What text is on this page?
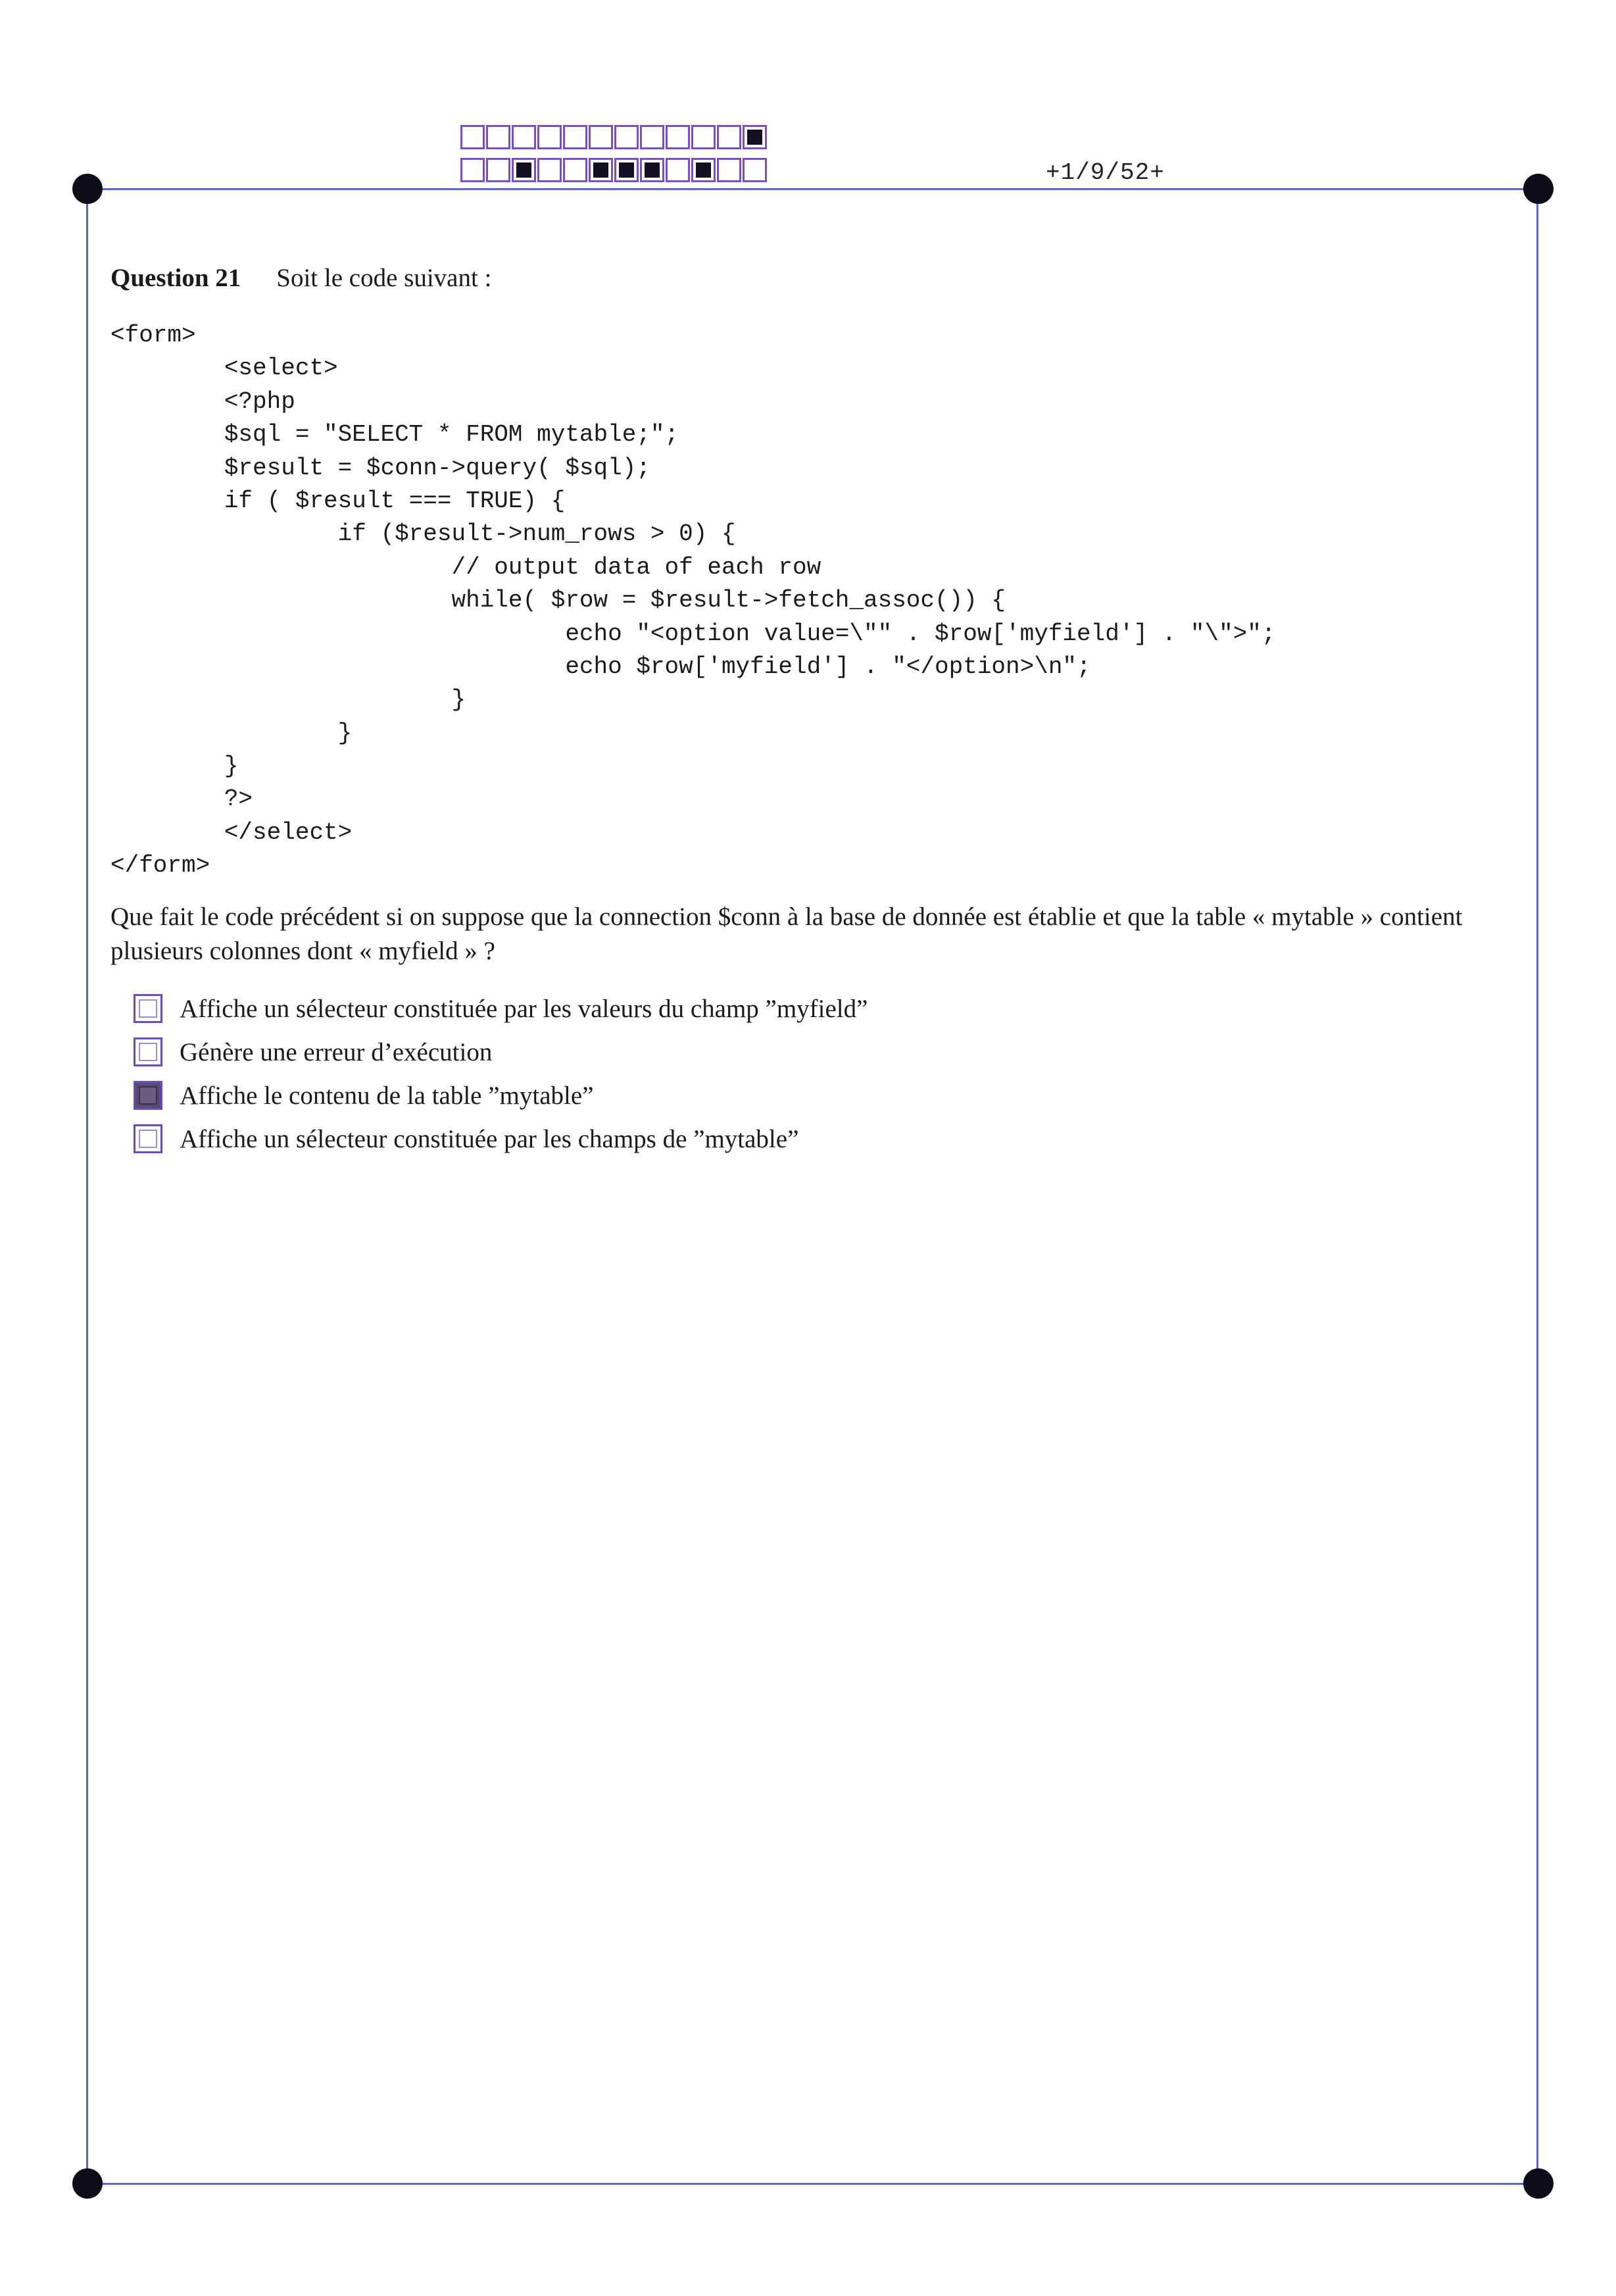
+1/9/52+
Question 21 Soit le code suivant :
<form>
<select>
<?php
$sql = "SELECT * FROM mytable;";
$result = $conn->query( $sql);
if ( $result === TRUE) {
if ($result->num_rows > 0) {
// output data of each row
while( $row = $result->fetch_assoc()) {
echo "<option value=\"" . $row['myfield'] . "\">";
echo $row['myfield'] . "</option>\n";
}
}
}
?>
</select>
</form>
Que fait le code précédent si on suppose que la connection $conn à la base de donnée est établie et que la table « mytable » contient plusieurs colonnes dont « myfield » ?
Affiche un sélecteur constituée par les valeurs du champ ”myfield”
Génère une erreur d’exécution
Affiche le contenu de la table ”mytable”
Affiche un sélecteur constituée par les champs de ”mytable”
